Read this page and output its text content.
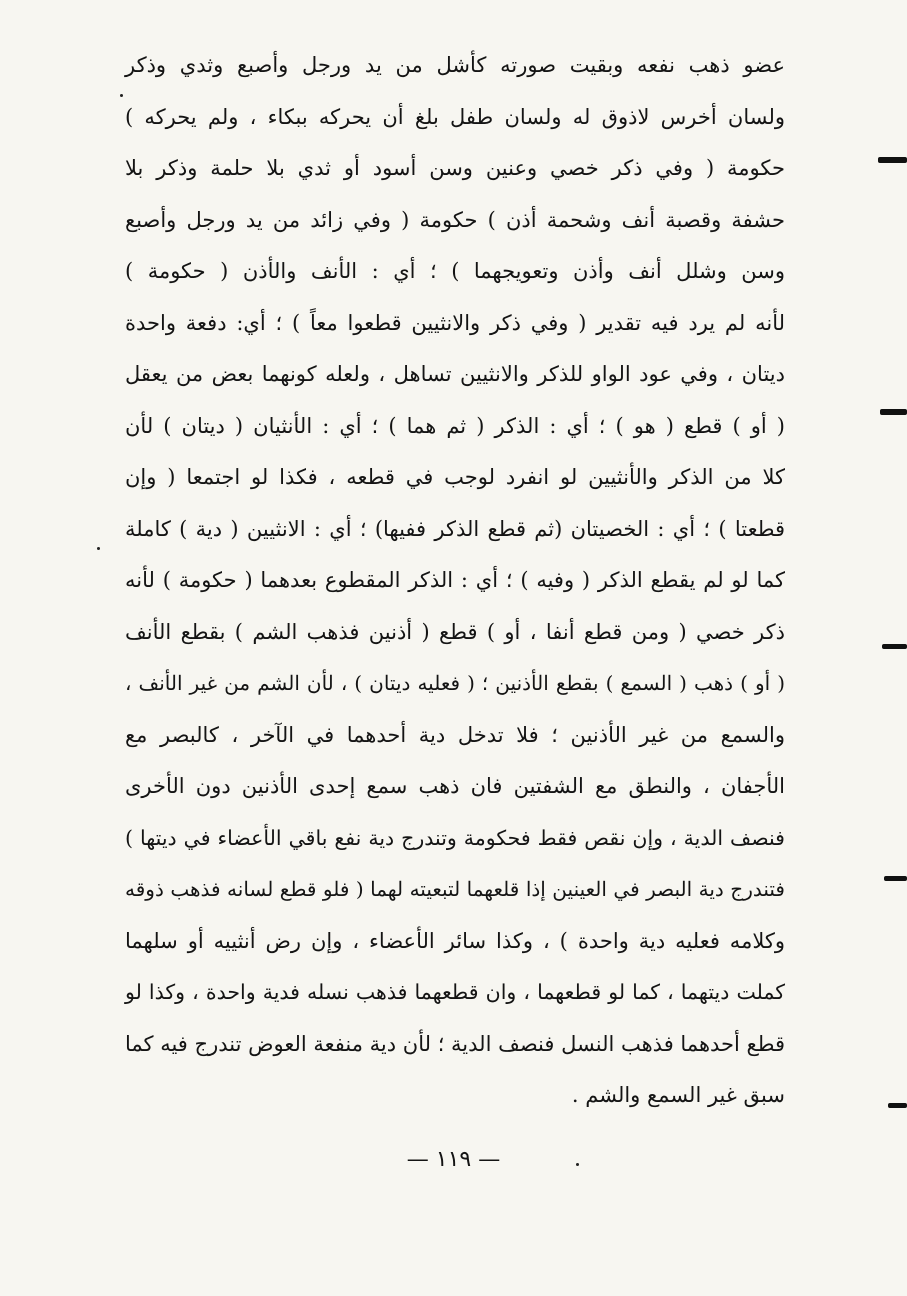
عضو ذهب نفعه وبقيت صورته كأشل من يد ورجل وأصبع وثدي وذكر
ولسان أخرس لاذوق له ولسان طفل بلغ أن يحركه ببكاء ، ولم يحركه )
حكومة ( وفي ذكر خصي وعنين وسن أسود أو ثدي بلا حلمة وذكر بلا
حشفة وقصبة أنف وشحمة أذن ) حكومة ( وفي زائد من يد ورجل وأصبع
وسن وشلل أنف وأذن وتعويجهما ) ؛ أي : الأنف والأذن ( حكومة )
لأنه لم يرد فيه تقدير ( وفي ذكر والانثيين قطعوا معاً ) ؛ أي: دفعة واحدة
ديتان ، وفي عود الواو للذكر والانثيين تساهل ، ولعله كونهما بعض من يعقل
( أو ) قطع ( هو ) ؛ أي : الذكر ( ثم هما ) ؛ أي : الأنثيان ( ديتان ) لأن
كلا من الذكر والأنثيين لو انفرد لوجب في قطعه ، فكذا لو اجتمعا ( وإن
قطعتا ) ؛ أي : الخصيتان (ثم قطع الذكر ففيها) ؛ أي : الانثيين ( دية ) كاملة
كما لو لم يقطع الذكر ( وفيه ) ؛ أي : الذكر المقطوع بعدهما ( حكومة ) لأنه
ذكر خصي ( ومن قطع أنفا ، أو ) قطع ( أذنين فذهب الشم ) بقطع الأنف
( أو ) ذهب ( السمع ) بقطع الأذنين ؛ ( فعليه ديتان ) ، لأن الشم من غير الأنف ،
والسمع من غير الأذنين ؛ فلا تدخل دية أحدهما في الآخر ، كالبصر مع
الأجفان ، والنطق مع الشفتين فان ذهب سمع إحدى الأذنين دون الأخرى
فنصف الدية ، وإن نقص فقط فحكومة وتندرج دية نفع باقي الأعضاء في ديتها )
فتندرج دية البصر في العينين إذا قلعهما لتبعيته لهما ( فلو قطع لسانه فذهب ذوقه
وكلامه فعليه دية واحدة ) ، وكذا سائر الأعضاء ، وإن رض أنثييه أو سلهما
كملت ديتهما ، كما لو قطعهما ، وان قطعهما فذهب نسله فدية واحدة ، وكذا لو
قطع أحدهما فذهب النسل فنصف الدية ؛ لأن دية منفعة العوض تندرج فيه كما
سبق غير السمع والشم .
— ١١٩ —
